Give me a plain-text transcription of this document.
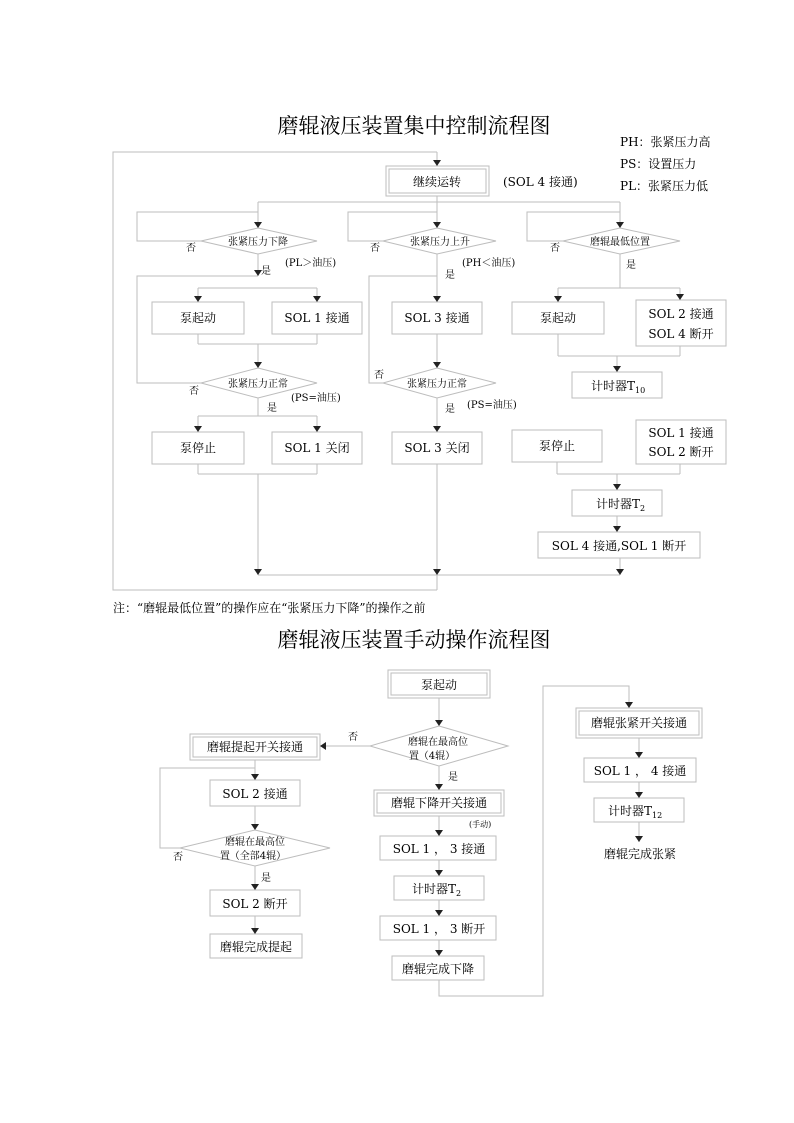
磨辊液压装置集中控制流程图
PH：张紧压力高
PS：设置压力
PL：张紧压力低
继续运转	(SOL 4 接通)
张紧压力下降
否
(PL＞油压)
是
泵起动	SOL 1 接通
张紧压力正常
否
(PS=油压)
是
泵停止	SOL 1 关闭
张紧压力上升
否
(PH＜油压)
是
SOL 3 接通
张紧压力正常
否
(PS=油压)
是
SOL 3 关闭
磨辊最低位置
否
是
泵起动	SOL 2 接通
SOL 4 断开
计时器$T_{10}$
泵停止
SOL 1 接通
SOL 2 断开
计时器$T_2$
SOL 4 接通,SOL 1 断开
注：“磨辊最低位置”的操作应在“张紧压力下降”的操作之前
磨辊液压装置手动操作流程图
泵起动
磨辊在最高位
置（4辊）
否
是
磨辊下降开关接通
(手动)
SOL 1 ， 3 接通
计时器$T_2$
SOL 1 ， 3 断开
磨辊完成下降
磨辊提起开关接通
SOL 2 接通
磨辊在最高位
置（全部4辊）
否
是
SOL 2 断开
磨辊完成提起
磨辊张紧开关接通
SOL 1 ， 4 接通
计时器$T_{12}$
磨辊完成张紧
